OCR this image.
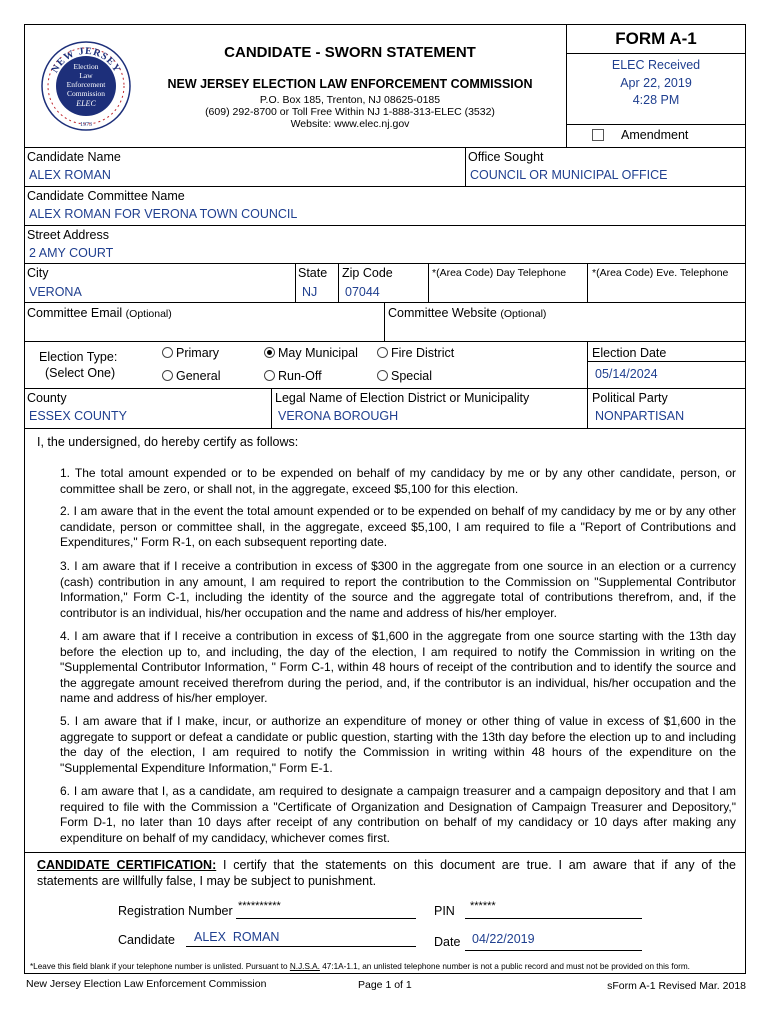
NEW JERSEY
Election
Law
Enforcement
Commission
ELEC
1973
CANDIDATE - SWORN STATEMENT
NEW JERSEY ELECTION LAW ENFORCEMENT COMMISSION
P.O. Box 185, Trenton, NJ 08625-0185
(609) 292-8700 or Toll Free Within NJ 1-888-313-ELEC (3532)
Website: www.elec.nj.gov
FORM A-1
ELEC Received
Apr 22, 2019
4:28 PM
Amendment
Candidate Name
ALEX ROMAN
Office Sought
COUNCIL OR MUNICIPAL OFFICE
Candidate Committee Name
ALEX ROMAN FOR VERONA TOWN COUNCIL
Street Address
2 AMY COURT
City
VERONA
State
NJ
Zip Code
07044
*(Area Code) Day Telephone *(Area Code) Eve. Telephone
Committee Email (Optional)	Committee Website (Optional)
Election Type:
(Select One)
Primary	May Municipal	Fire District
General	Run-Off	Special
Election Date
05/14/2024
County
ESSEX COUNTY
Legal Name of Election District or Municipality
VERONA BOROUGH
Political Party
NONPARTISAN
I, the undersigned, do hereby certify as follows:
1. The total amount expended or to be expended on behalf of my candidacy by me or by any other candidate, person, or committee shall be zero, or shall not, in the aggregate, exceed $5,100 for this election.
2. I am aware that in the event the total amount expended or to be expended on behalf of my candidacy by me or by any other candidate, person or committee shall, in the aggregate, exceed $5,100, I am required to file a "Report of Contributions and Expenditures," Form R-1, on each subsequent reporting date.
3. I am aware that if I receive a contribution in excess of $300 in the aggregate from one source in an election or a currency (cash) contribution in any amount, I am required to report the contribution to the Commission on "Supplemental Contributor Information," Form C-1, including the identity of the source and the aggregate total of contributions therefrom, and, if the contributor is an individual, his/her occupation and the name and address of his/her employer.
4. I am aware that if I receive a contribution in excess of $1,600 in the aggregate from one source starting with the 13th day before the election up to, and including, the day of the election, I am required to notify the Commission in writing on the "Supplemental Contributor Information, " Form C-1, within 48 hours of receipt of the contribution and to identify the source and the aggregate amount received therefrom during the period, and, if the contributor is an individual, his/her occupation and the name and address of his/her employer.
5. I am aware that if I make, incur, or authorize an expenditure of money or other thing of value in excess of $1,600 in the aggregate to support or defeat a candidate or public question, starting with the 13th day before the election up to and including the day of the election, I am required to notify the Commission in writing within 48 hours of the expenditure on the "Supplemental Expenditure Information," Form E-1.
6. I am aware that I, as a candidate, am required to designate a campaign treasurer and a campaign depository and that I am required to file with the Commission a "Certificate of Organization and Designation of Campaign Treasurer and Depository," Form D-1, no later than 10 days after receipt of any contribution on behalf of my candidacy or 10 days after making any expenditure on behalf of my candidacy, whichever comes first.
CANDIDATE CERTIFICATION: I certify that the statements on this document are true. I am aware that if any of the statements are willfully false, I may be subject to punishment.
Registration Number **********	PIN ******
Candidate ALEX  ROMAN	Date 04/22/2019
*Leave this field blank if your telephone number is unlisted. Pursuant to N.J.S.A. 47:1A-1.1, an unlisted telephone number is not a public record and must not be provided on this form.
New Jersey Election Law Enforcement Commission	Page 1 of 1	sForm A-1 Revised Mar. 2018
